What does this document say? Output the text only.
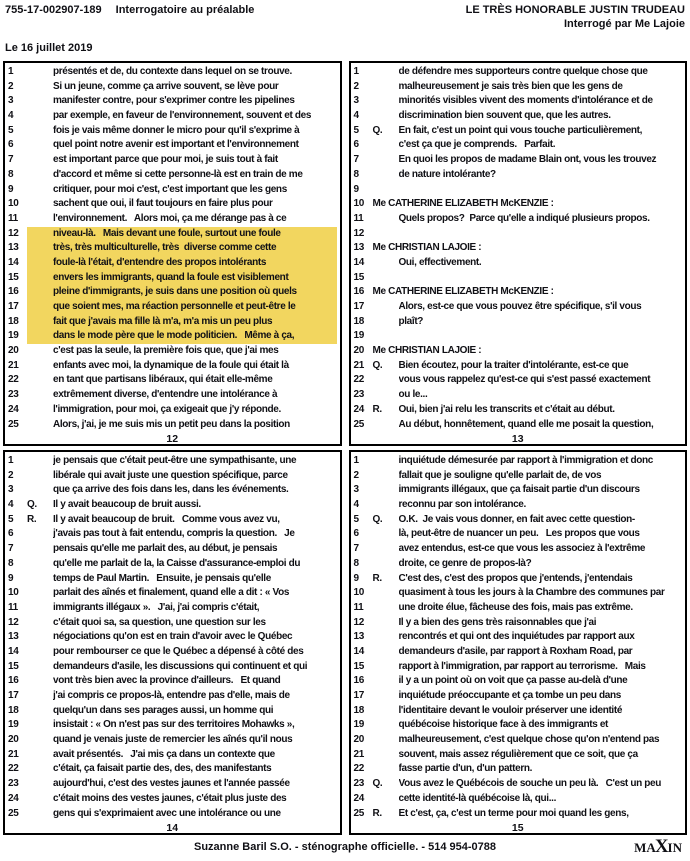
755-17-002907-189 Interrogatoire au préalable	LE TRÈS HONORABLE JUSTIN TRUDEAU
Interrogé par Me Lajoie
Le 16 juillet 2019
1	présentés et de, du contexte dans lequel on se trouve.
2	Si un jeune, comme ça arrive souvent, se lève pour
3	manifester contre, pour s'exprimer contre les pipelines
4	par exemple, en faveur de l'environnement, souvent et des
5	fois je vais même donner le micro pour qu'il s'exprime à
6	quel point notre avenir est important et l'environnement
7	est important parce que pour moi, je suis tout à fait
8	d'accord et même si cette personne-là est en train de me
9	critiquer, pour moi c'est, c'est important que les gens
10	sachent que oui, il faut toujours en faire plus pour
11	l'environnement.   Alors moi, ça me dérange pas à ce
12	niveau-là.   Mais devant une foule, surtout une foule
13	très, très multiculturelle, très  diverse comme cette
14	foule-là l'était, d'entendre des propos intolérants
15	envers les immigrants, quand la foule est visiblement
16	pleine d'immigrants, je suis dans une position où quels
17	que soient mes, ma réaction personnelle et peut-être le
18	fait que j'avais ma fille là m'a, m'a mis un peu plus
19	dans le mode père que le mode politicien.   Même à ça,
20	c'est pas la seule, la première fois que, que j'ai mes
21	enfants avec moi, la dynamique de la foule qui était là
22	en tant que partisans libéraux, qui était elle-même
23	extrêmement diverse, d'entendre une intolérance à
24	l'immigration, pour moi, ça exigeait que j'y réponde.
25	Alors, j'ai, je me suis mis un petit peu dans la position
12
1	de défendre mes supporteurs contre quelque chose que
2	malheureusement je sais très bien que les gens de
3	minorités visibles vivent des moments d'intolérance et de
4	discrimination bien souvent que, que les autres.
5	Q.	En fait, c'est un point qui vous touche particulièrement,
6	c'est ça que je comprends.   Parfait.
7	En quoi les propos de madame Blain ont, vous les trouvez
8	de nature intolérante?
9
10 Me CATHERINE ELIZABETH McKENZIE :
11	Quels propos?  Parce qu'elle a indiqué plusieurs propos.
12
13 Me CHRISTIAN LAJOIE :
14	Oui, effectivement.
15
16 Me CATHERINE ELIZABETH McKENZIE :
17	Alors, est-ce que vous pouvez être spécifique, s'il vous
18	plaît?
19
20 Me CHRISTIAN LAJOIE :
21 Q.	Bien écoutez, pour la traiter d'intolérante, est-ce que
22	vous vous rappelez qu'est-ce qui s'est passé exactement
23	ou le...
24 R.	Oui, bien j'ai relu les transcrits et c'était au début.
25	Au début, honnêtement, quand elle me posait la question,
13
1	je pensais que c'était peut-être une sympathisante, une
2	libérale qui avait juste une question spécifique, parce
3	que ça arrive des fois dans les, dans les événements.
4	Q.	Il y avait beaucoup de bruit aussi.
5	R.	Il y avait beaucoup de bruit.   Comme vous avez vu,
6	j'avais pas tout à fait entendu, compris la question.   Je
7	pensais qu'elle me parlait des, au début, je pensais
8	qu'elle me parlait de la, la Caisse d'assurance-emploi du
9	temps de Paul Martin.   Ensuite, je pensais qu'elle
10	parlait des aînés et finalement, quand elle a dit : « Vos
11	immigrants illégaux ».   J'ai, j'ai compris c'était,
12	c'était quoi sa, sa question, une question sur les
13	négociations qu'on est en train d'avoir avec le Québec
14	pour rembourser ce que le Québec a dépensé à côté des
15	demandeurs d'asile, les discussions qui continuent et qui
16	vont très bien avec la province d'ailleurs.   Et quand
17	j'ai compris ce propos-là, entendre pas d'elle, mais de
18	quelqu'un dans ses parages aussi, un homme qui
19	insistait : « On n'est pas sur des territoires Mohawks »,
20	quand je venais juste de remercier les aînés qu'il nous
21	avait présentés.   J'ai mis ça dans un contexte que
22	c'était, ça faisait partie des, des, des manifestants
23	aujourd'hui, c'est des vestes jaunes et l'année passée
24	c'était moins des vestes jaunes, c'était plus juste des
25	gens qui s'exprimaient avec une intolérance ou une
14
1	inquiétude démesurée par rapport à l'immigration et donc
2	fallait que je souligne qu'elle parlait de, de vos
3	immigrants illégaux, que ça faisait partie d'un discours
4	reconnu par son intolérance.
5	Q.	O.K.  Je vais vous donner, en fait avec cette question-
6	là, peut-être de nuancer un peu.   Les propos que vous
7	avez entendus, est-ce que vous les associez à l'extrême
8	droite, ce genre de propos-là?
9	R.	C'est des, c'est des propos que j'entends, j'entendais
10	quasiment à tous les jours à la Chambre des communes par
11	une droite élue, fâcheuse des fois, mais pas extrême.
12	Il y a bien des gens très raisonnables que j'ai
13	rencontrés et qui ont des inquiétudes par rapport aux
14	demandeurs d'asile, par rapport à Roxham Road, par
15	rapport à l'immigration, par rapport au terrorisme.   Mais
16	il y a un point où on voit que ça passe au-delà d'une
17	inquiétude préoccupante et ça tombe un peu dans
18	l'identitaire devant le vouloir préserver une identité
19	québécoise historique face à des immigrants et
20	malheureusement, c'est quelque chose qu'on n'entend pas
21	souvent, mais assez régulièrement que ce soit, que ça
22	fasse partie d'un, d'un pattern.
23 Q.	Vous avez le Québécois de souche un peu là.   C'est un peu
24	cette identité-là québécoise là, qui...
25 R.	Et c'est, ça, c'est un terme pour moi quand les gens,
15
Suzanne Baril S.O. - sténographe officielle. - 514 954-0788	MA X IN
